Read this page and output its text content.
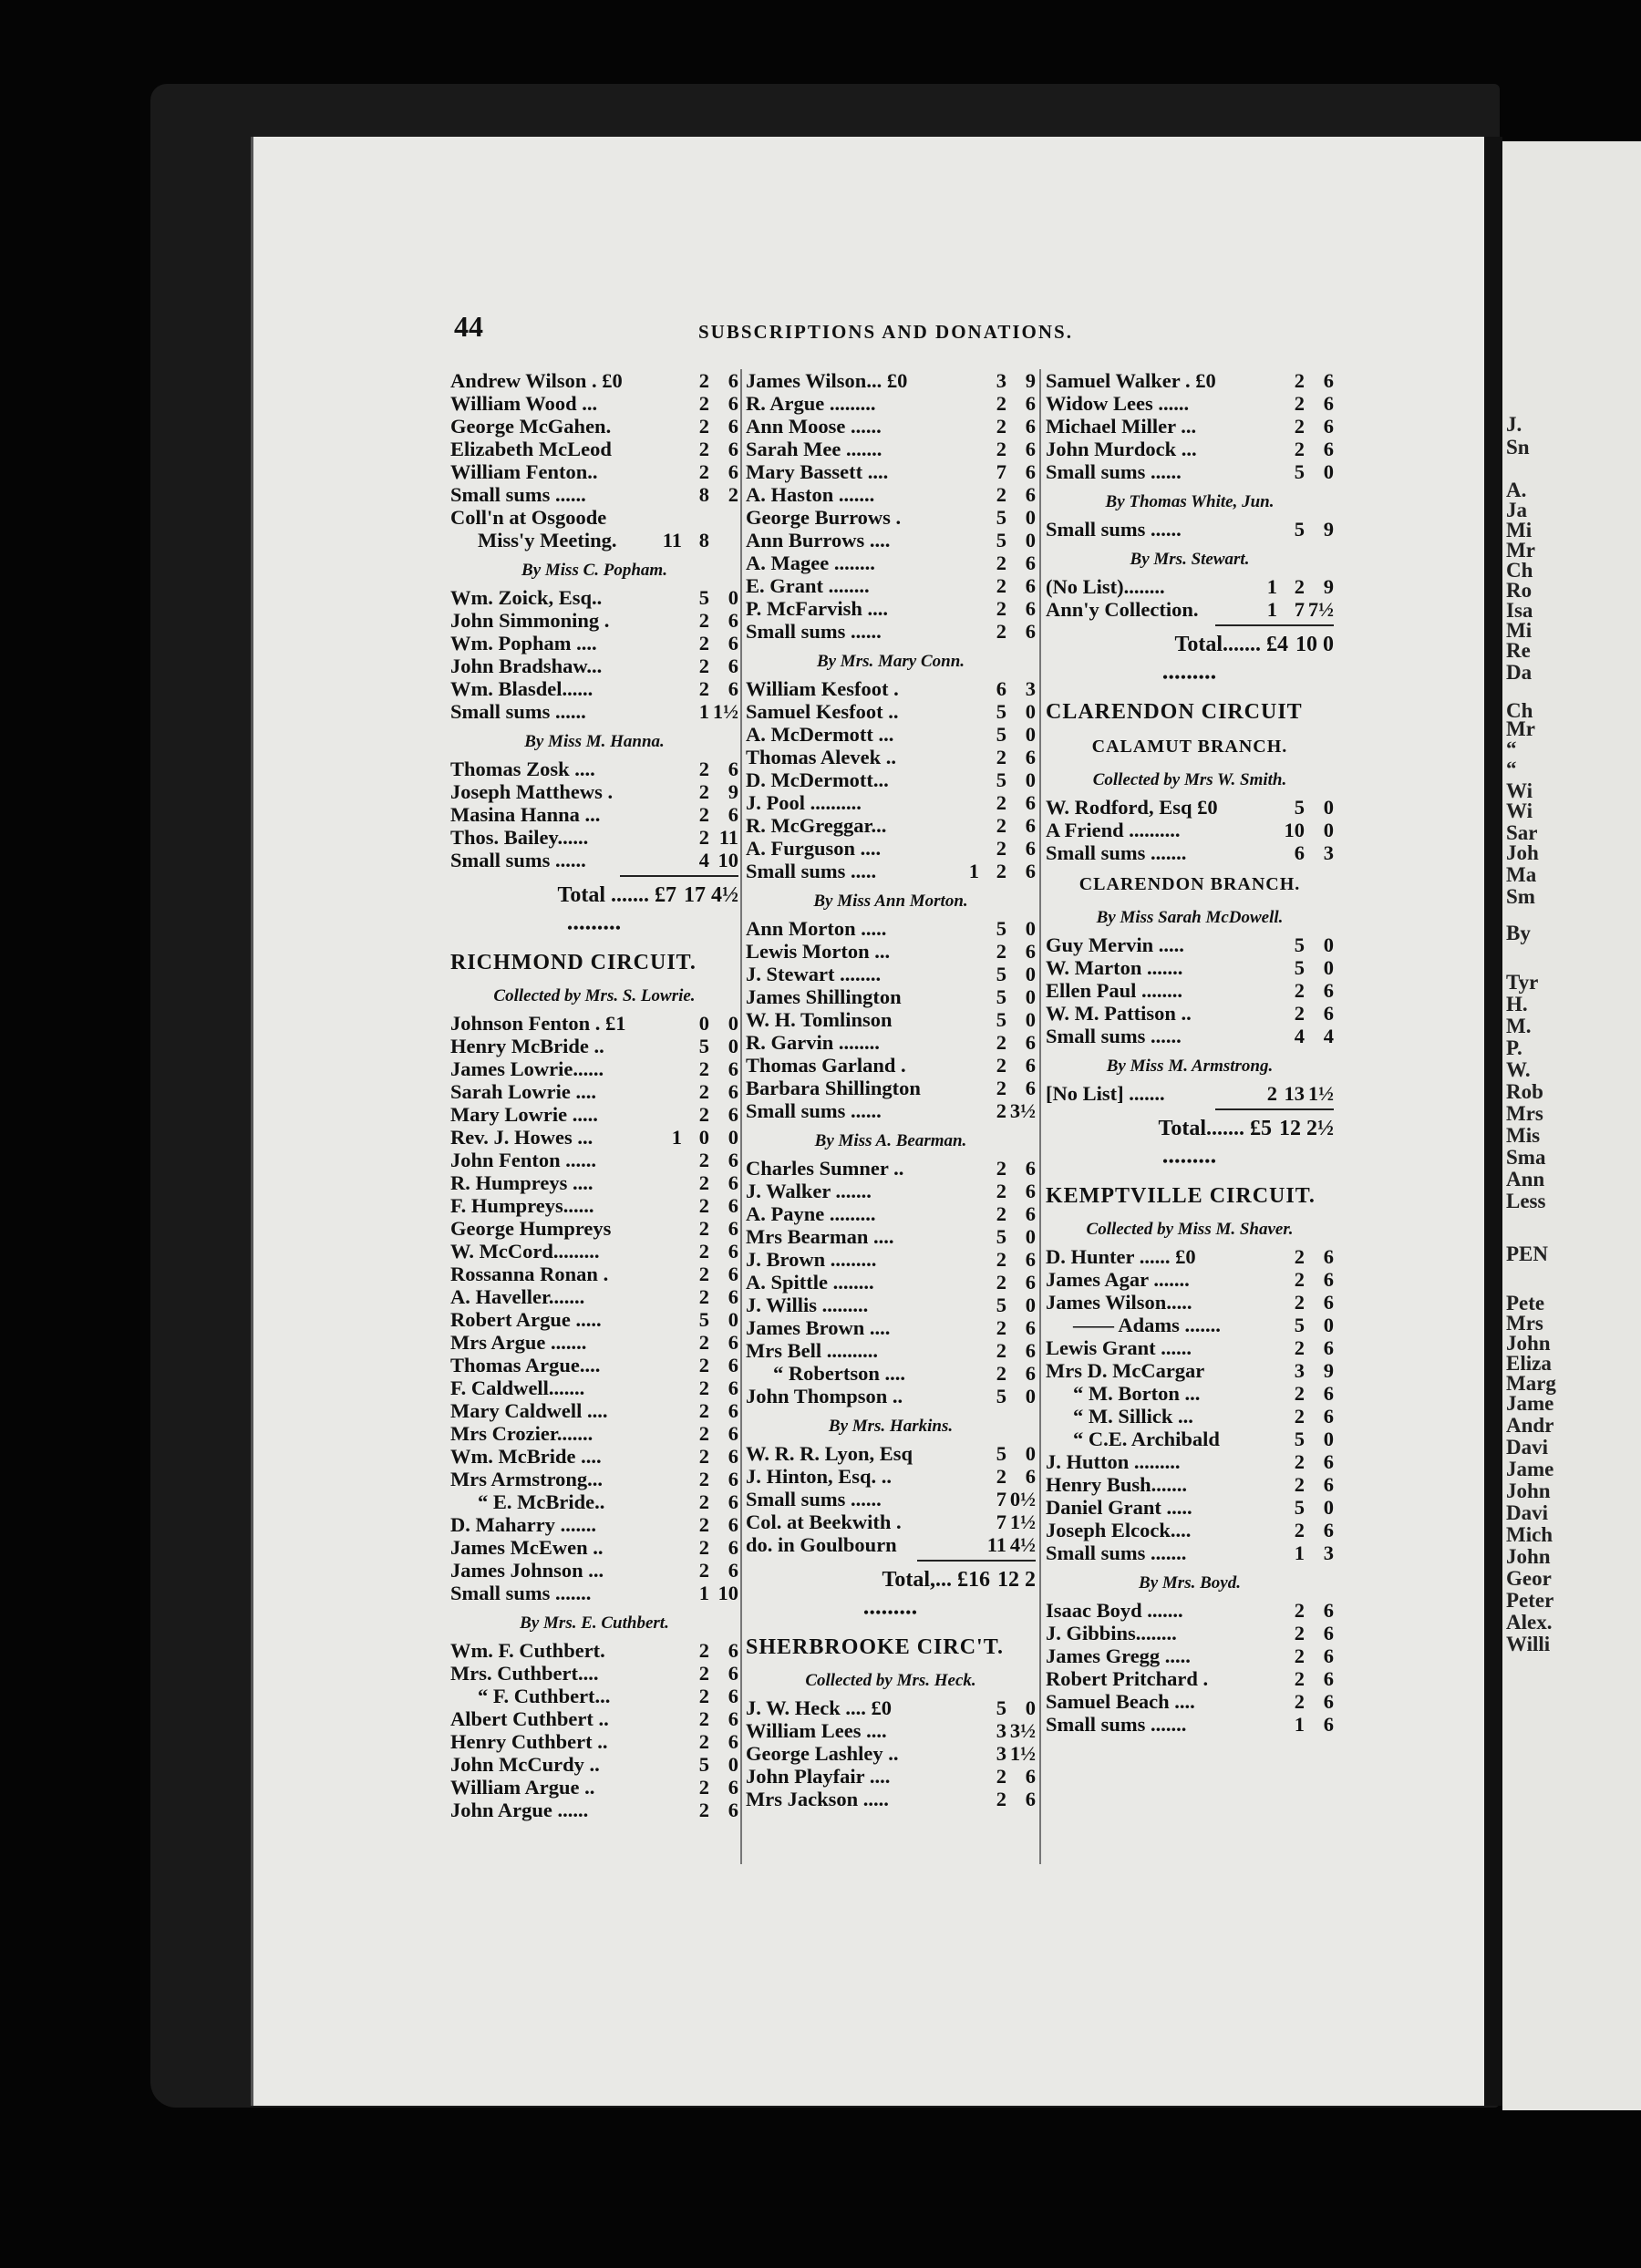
J.
Sn
A.
Ja
Mi
Mr
Ch
Ro
Isa
Mi
Re
Da
Ch
Mr
“
“
Wi
Wi
Sar
Joh
Ma
Sm
By
Tyr
H.
M.
P.
W.
Rob
Mrs
Mis
Sma
Ann
Less
PEN
Pete
Mrs
John
Eliza
Marg
Jame
Andr
Davi
Jame
John
Davi
Mich
John
Geor
Peter
Alex.
Willi
44	SUBSCRIPTIONS AND DONATIONS.
Andrew Wilson . £0	2 6
William Wood ...	2 6
George McGahen.	2 6
Elizabeth McLeod	2 6
William Fenton..	2 6
Small sums ......	8 2
Coll'n at Osgoode
Miss'y Meeting.	11 8
By Miss C. Popham.
Wm. Zoick, Esq..	5 0
John Simmoning .	2 6
Wm. Popham ....	2 6
John Bradshaw...	2 6
Wm. Blasdel......	2 6
Small sums ......	1 1½
By Miss M. Hanna.
Thomas Zosk ....	2 6
Joseph Matthews .	2 9
Masina Hanna ...	2 6
Thos. Bailey......	2 11
Small sums ......	4 10
Total ....... £7 17 4½
•••••••••
RICHMOND CIRCUIT.
Collected by Mrs. S. Lowrie.
Johnson Fenton . £1	0 0
Henry McBride ..	5 0
James Lowrie......	2 6
Sarah Lowrie ....	2 6
Mary Lowrie .....	2 6
Rev. J. Howes ...	1 0 0
John Fenton ......	2 6
R. Humpreys ....	2 6
F. Humpreys......	2 6
George Humpreys	2 6
W. McCord.........	2 6
Rossanna Ronan .	2 6
A. Haveller.......	2 6
Robert Argue .....	5 0
Mrs Argue .......	2 6
Thomas Argue....	2 6
F. Caldwell.......	2 6
Mary Caldwell ....	2 6
Mrs Crozier.......	2 6
Wm. McBride ....	2 6
Mrs Armstrong...	2 6
“ E. McBride..	2 6
D. Maharry .......	2 6
James McEwen ..	2 6
James Johnson ...	2 6
Small sums .......	1 10
By Mrs. E. Cuthbert.
Wm. F. Cuthbert.	2 6
Mrs. Cuthbert....	2 6
“ F. Cuthbert...	2 6
Albert Cuthbert ..	2 6
Henry Cuthbert ..	2 6
John McCurdy ..	5 0
William Argue ..	2 6
John Argue ......	2 6
James Wilson... £0	3 9
R. Argue .........	2 6
Ann Moose ......	2 6
Sarah Mee .......	2 6
Mary Bassett ....	7 6
A. Haston .......	2 6
George Burrows .	5 0
Ann Burrows ....	5 0
A. Magee ........	2 6
E. Grant ........	2 6
P. McFarvish ....	2 6
Small sums ......	2 6
By Mrs. Mary Conn.
William Kesfoot .	6 3
Samuel Kesfoot ..	5 0
A. McDermott ...	5 0
Thomas Alevek ..	2 6
D. McDermott...	5 0
J. Pool ..........	2 6
R. McGreggar...	2 6
A. Furguson ....	2 6
Small sums .....	1 2 6
By Miss Ann Morton.
Ann Morton .....	5 0
Lewis Morton ...	2 6
J. Stewart ........	5 0
James Shillington	5 0
W. H. Tomlinson	5 0
R. Garvin ........	2 6
Thomas Garland .	2 6
Barbara Shillington	2 6
Small sums ......	2 3½
By Miss A. Bearman.
Charles Sumner ..	2 6
J. Walker .......	2 6
A. Payne .........	2 6
Mrs Bearman ....	5 0
J. Brown .........	2 6
A. Spittle ........	2 6
J. Willis .........	5 0
James Brown ....	2 6
Mrs Bell ..........	2 6
“ Robertson ....	2 6
John Thompson ..	5 0
By Mrs. Harkins.
W. R. R. Lyon, Esq	5 0
J. Hinton, Esq. ..	2 6
Small sums ......	7 0½
Col. at Beekwith .	7 1½
do. in Goulbourn	11 4½
Total,... £16 12 2
•••••••••
SHERBROOKE CIRC'T.
Collected by Mrs. Heck.
J. W. Heck .... £0	5 0
William Lees ....	3 3½
George Lashley ..	3 1½
John Playfair ....	2 6
Mrs Jackson .....	2 6
Samuel Walker . £0	2 6
Widow Lees ......	2 6
Michael Miller ...	2 6
John Murdock ...	2 6
Small sums ......	5 0
By Thomas White, Jun.
Small sums ......	5 9
By Mrs. Stewart.
(No List)........	1 2 9
Ann'y Collection.	1 7 7½
Total....... £4 10 0
•••••••••
CLARENDON CIRCUIT
CALAMUT BRANCH.
Collected by Mrs W. Smith.
W. Rodford, Esq £0	5 0
A Friend ..........	10 0
Small sums .......	6 3
CLARENDON BRANCH.
By Miss Sarah McDowell.
Guy Mervin .....	5 0
W. Marton .......	5 0
Ellen Paul ........	2 6
W. M. Pattison ..	2 6
Small sums ......	4 4
By Miss M. Armstrong.
[No List] .......	2 13 1½
Total....... £5 12 2½
•••••••••
KEMPTVILLE CIRCUIT.
Collected by Miss M. Shaver.
D. Hunter ...... £0	2 6
James Agar .......	2 6
James Wilson.....	2 6
—— Adams .......	5 0
Lewis Grant ......	2 6
Mrs D. McCargar	3 9
“ M. Borton ...	2 6
“ M. Sillick ...	2 6
“ C.E. Archibald	5 0
J. Hutton .........	2 6
Henry Bush.......	2 6
Daniel Grant .....	5 0
Joseph Elcock....	2 6
Small sums .......	1 3
By Mrs. Boyd.
Isaac Boyd .......	2 6
J. Gibbins........	2 6
James Gregg .....	2 6
Robert Pritchard .	2 6
Samuel Beach ....	2 6
Small sums .......	1 6
